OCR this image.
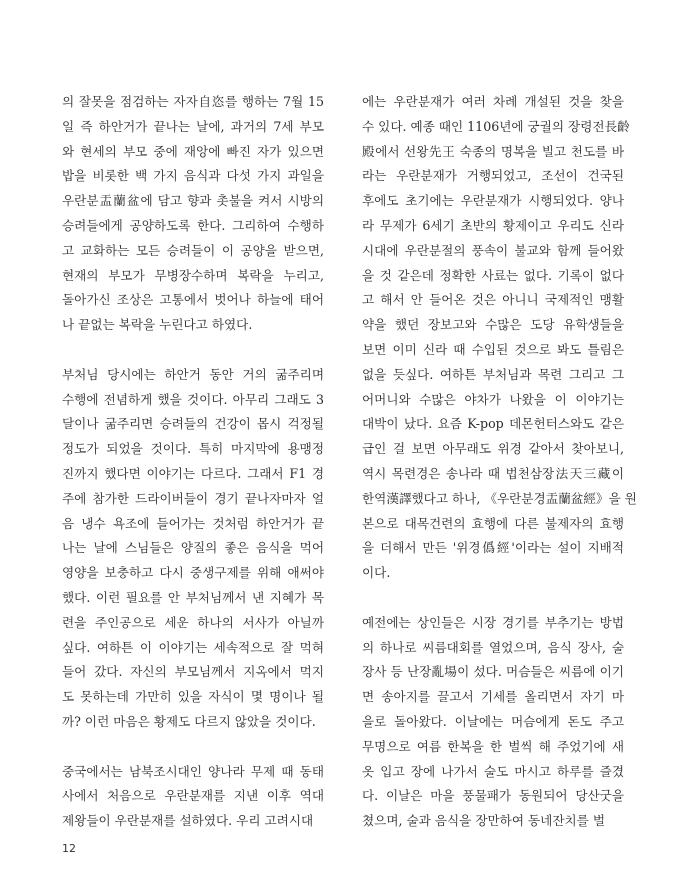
의 잘못을 점검하는 자자自恣를 행하는 7월 15
일 즉 하안거가 끝나는 날에, 과거의 7세 부모
와 현세의 부모 중에 재앙에 빠진 자가 있으면
밥을 비롯한 백 가지 음식과 다섯 가지 과일을
우란분盂蘭盆에 담고 향과 촛불을 켜서 시방의
승려들에게 공양하도록 한다. 그리하여 수행하
고 교화하는 모든 승려들이 이 공양을 받으면,
현재의 부모가 무병장수하며 복락을 누리고,
돌아가신 조상은 고통에서 벗어나 하늘에 태어
나 끝없는 복락을 누린다고 하였다.
부처님 당시에는 하안거 동안 거의 굶주리며
수행에 전념하게 했을 것이다. 아무리 그래도 3
달이나 굶주리면 승려들의 건강이 몹시 걱정될
정도가 되었을 것이다. 특히 마지막에 용맹정
진까지 했다면 이야기는 다르다. 그래서 F1 경
주에 참가한 드라이버들이 경기 끝나자마자 얼
음 냉수 욕조에 들어가는 것처럼 하안거가 끝
나는 날에 스님들은 양질의 좋은 음식을 먹어
영양을 보충하고 다시 중생구제를 위해 애써야
했다. 이런 필요를 안 부처님께서 낸 지혜가 목
련을 주인공으로 세운 하나의 서사가 아닐까
싶다. 여하튼 이 이야기는 세속적으로 잘 먹혀
들어 갔다. 자신의 부모님께서 지옥에서 먹지
도 못하는데 가만히 있을 자식이 몇 명이나 될
까? 이런 마음은 황제도 다르지 않았을 것이다.
중국에서는 남북조시대인 양나라 무제 때 동태
사에서 처음으로 우란분재를 지낸 이후 역대
제왕들이 우란분재를 설하였다. 우리 고려시대
에는 우란분재가 여러 차례 개설된 것을 찾을
수 있다. 예종 때인 1106년에 궁궐의 장령전長齡
殿에서 선왕先王 숙종의 명복을 빌고 천도를 바
라는 우란분재가 거행되었고, 조선이 건국된
후에도 초기에는 우란분재가 시행되었다. 양나
라 무제가 6세기 초반의 황제이고 우리도 신라
시대에 우란분절의 풍속이 불교와 함께 들어왔
을 것 같은데 정확한 사료는 없다. 기록이 없다
고 해서 안 들어온 것은 아니니 국제적인 맹활
약을 했던 장보고와 수많은 도당 유학생들을
보면 이미 신라 때 수입된 것으로 봐도 틀림은
없을 듯싶다. 여하튼 부처님과 목련 그리고 그
어머니와 수많은 야차가 나왔을 이 이야기는
대박이 났다. 요즘 K-pop 데몬헌터스와도 같은
급인 걸 보면 아무래도 위경 같아서 찾아보니,
역시 목련경은 송나라 때 법천삼장法天三藏이
한역漢譯했다고 하나, 《우란분경盂蘭盆經》을 원
본으로 대목건련의 효행에 다른 불제자의 효행
을 더해서 만든 '위경僞經'이라는 설이 지배적
이다.
예전에는 상인들은 시장 경기를 부추기는 방법
의 하나로 씨름대회를 열었으며, 음식 장사, 술
장사 등 난장亂場이 섰다. 머슴들은 씨름에 이기
면 송아지를 끌고서 기세를 올리면서 자기 마
을로 돌아왔다. 이날에는 머슴에게 돈도 주고
무명으로 여름 한복을 한 벌씩 해 주었기에 새
옷 입고 장에 나가서 술도 마시고 하루를 즐겼
다. 이날은 마을 풍물패가 동원되어 당산굿을
쳤으며, 술과 음식을 장만하여 동네잔치를 벌
12
